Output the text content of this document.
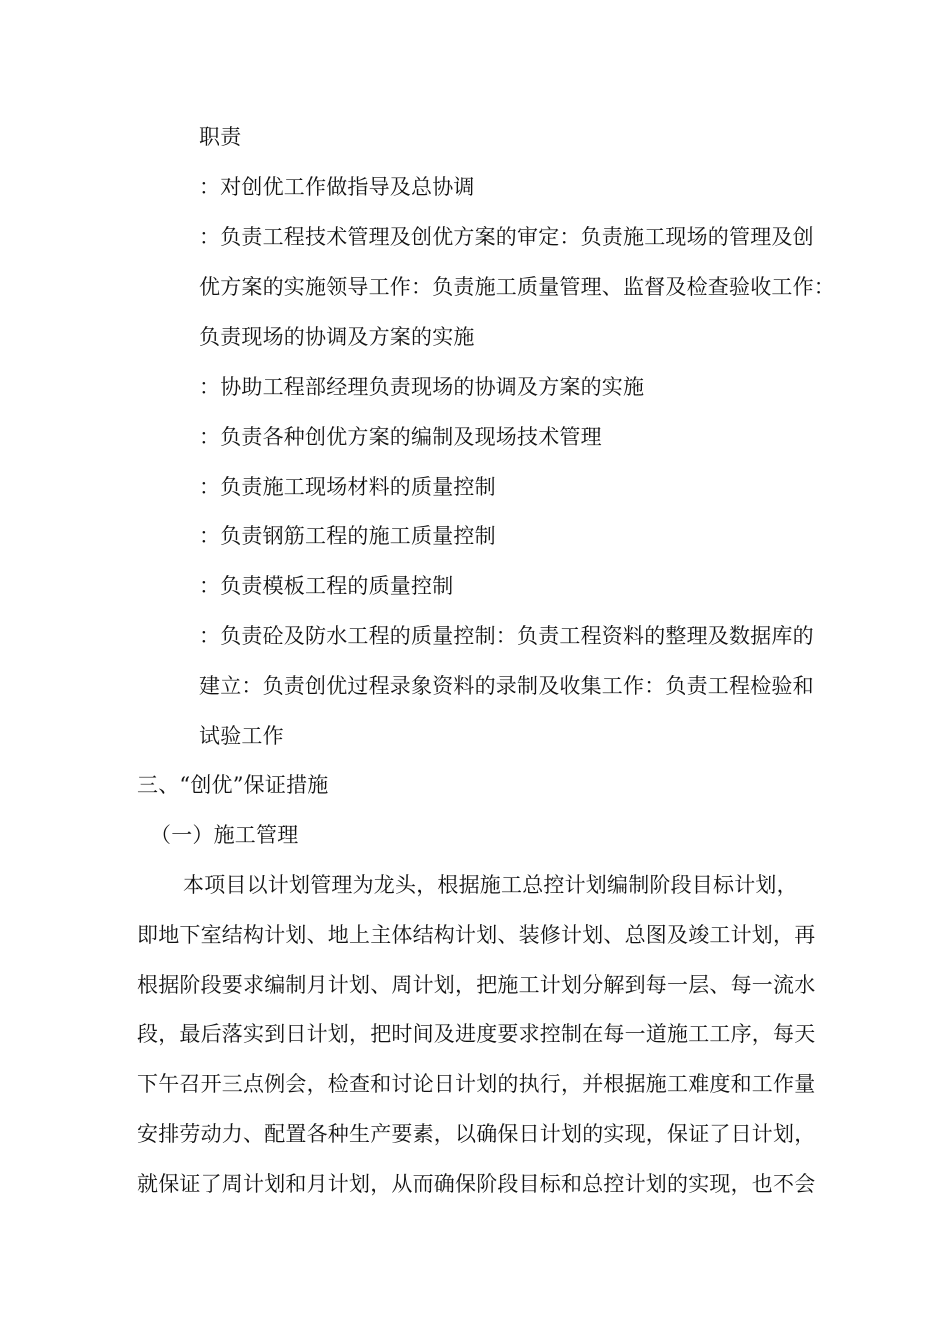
职责
：对创优工作做指导及总协调
：负责工程技术管理及创优方案的审定：负责施工现场的管理及创
优方案的实施领导工作：负责施工质量管理、监督及检查验收工作：
负责现场的协调及方案的实施
：协助工程部经理负责现场的协调及方案的实施
：负责各种创优方案的编制及现场技术管理
：负责施工现场材料的质量控制
：负责钢筋工程的施工质量控制
：负责模板工程的质量控制
：负责砼及防水工程的质量控制：负责工程资料的整理及数据库的
建立：负责创优过程录象资料的录制及收集工作：负责工程检验和
试验工作
三、“创优”保证措施
（一）施工管理
本项目以计划管理为龙头，根据施工总控计划编制阶段目标计划，
即地下室结构计划、地上主体结构计划、装修计划、总图及竣工计划，再
根据阶段要求编制月计划、周计划，把施工计划分解到每一层、每一流水
段，最后落实到日计划，把时间及进度要求控制在每一道施工工序，每天
下午召开三点例会，检查和讨论日计划的执行，并根据施工难度和工作量
安排劳动力、配置各种生产要素，以确保日计划的实现，保证了日计划，
就保证了周计划和月计划，从而确保阶段目标和总控计划的实现，也不会
